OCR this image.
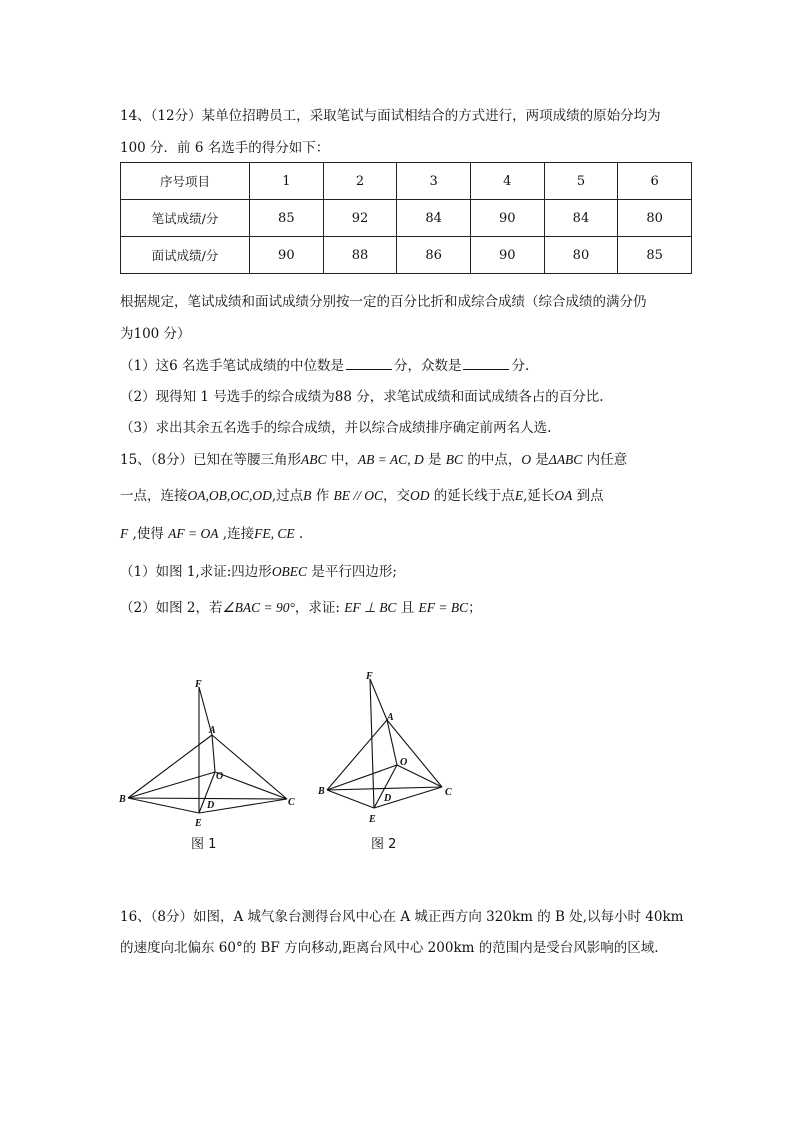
14、（12分）某单位招聘员工，采取笔试与面试相结合的方式进行，两项成绩的原始分均为
100 分．前 6 名选手的得分如下：
序号项目	1	2	3	4	5	6
笔试成绩/分	85	92	84	90	84	80
面试成绩/分	90	88	86	90	80	85
根据规定，笔试成绩和面试成绩分别按一定的百分比折和成综合成绩（综合成绩的满分仍
为100 分）
（1）这6 名选手笔试成绩的中位数是	分，众数是	分.
（2）现得知 1 号选手的综合成绩为88 分，求笔试成绩和面试成绩各占的百分比.
（3）求出其余五名选手的综合成绩，并以综合成绩排序确定前两名人选.
15、（8分）已知在等腰三角形ABC 中，AB = AC, D 是 BC 的中点，O 是ΔABC 内任意
一点，连接OA,OB,OC,OD,过点B 作 BE // OC，交OD 的延长线于点E,延长OA 到点
F ,使得 AF = OA ,连接FE, CE .
（1）如图 1,求证:四边形OBEC 是平行四边形;
（2）如图 2，若∠BAC = 90°，求证: EF ⊥ BC 且 EF = BC；
F
A
O
B
D	C
E
图 1
F
A
O
B
D
C
E
图 2
16、（8分）如图，A 城气象台测得台风中心在 A 城正西方向 320km 的 B 处,以每小时 40km
的速度向北偏东 60°的 BF 方向移动,距离台风中心 200km 的范围内是受台风影响的区域.
